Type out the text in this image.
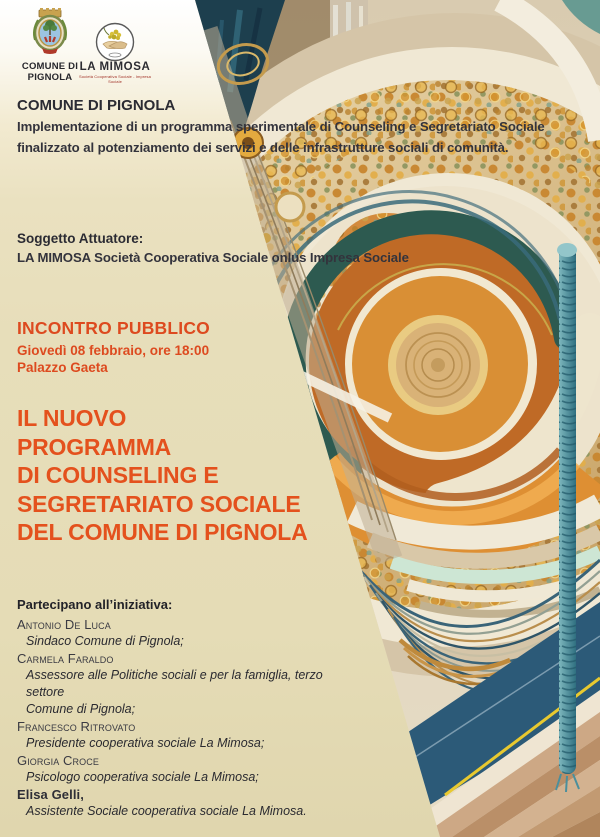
COMUNE DI PIGNOLA
LA MIMOSA
Società Cooperativa Sociale - Impresa Sociale
COMUNE DI PIGNOLA
Implementazione di un programma sperimentale di Counseling e Segretariato Sociale finalizzato al potenziamento dei servizi e delle infrastrutture sociali di comunità.
Soggetto Attuatore:
LA MIMOSA Società Cooperativa Sociale onlus Impresa Sociale
INCONTRO PUBBLICO
Giovedì 08 febbraio, ore 18:00
Palazzo Gaeta
IL NUOVO
PROGRAMMA
DI COUNSELING E
SEGRETARIATO SOCIALE
DEL COMUNE DI PIGNOLA
Partecipano all’iniziativa:
Antonio De Luca
Sindaco Comune di Pignola;
Carmela Faraldo
Assessore alle Politiche sociali e per la famiglia, terzo settore
Comune di Pignola;
Francesco Ritrovato
Presidente cooperativa sociale La Mimosa;
Giorgia Croce
Psicologo cooperativa sociale La Mimosa;
Elisa Gelli,
Assistente Sociale cooperativa sociale La Mimosa.
